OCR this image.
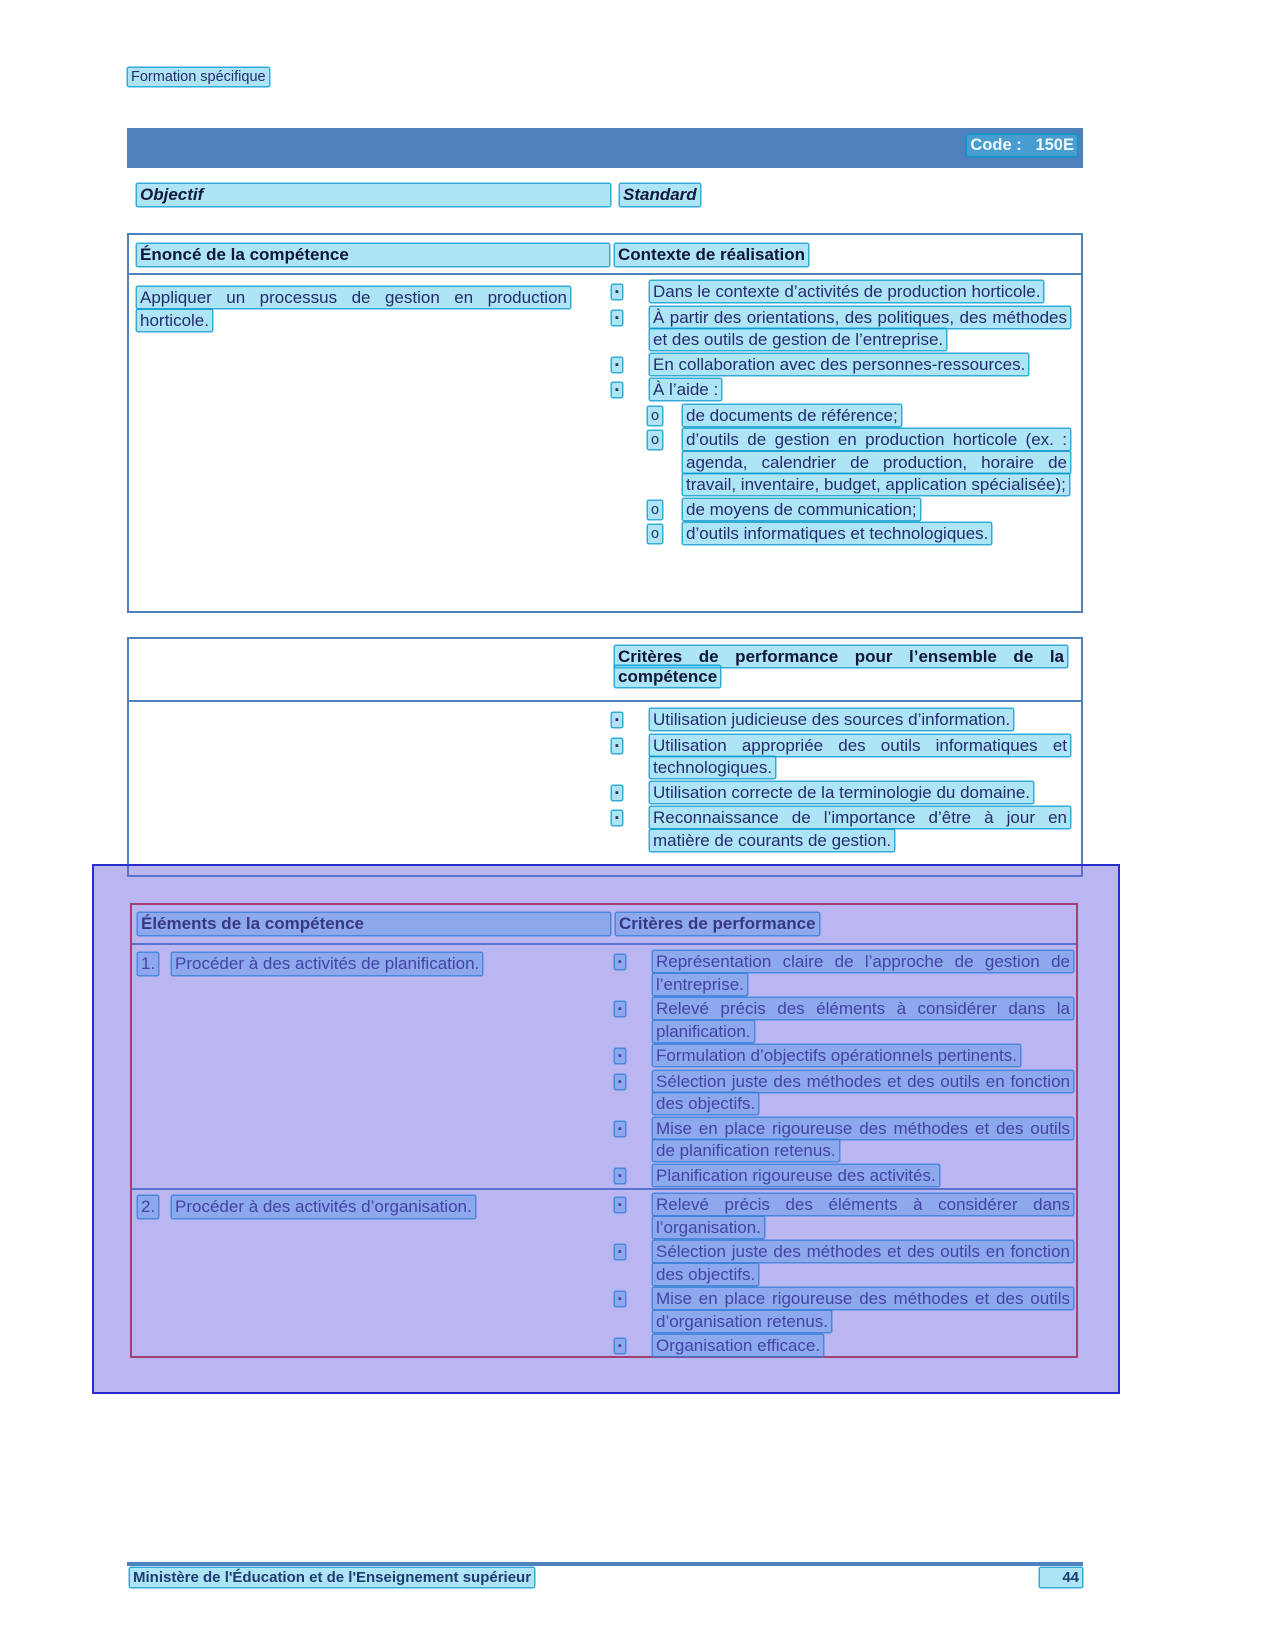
Formation spécifique
Code :   150E
Objectif	Standard
Énoncé de la compétence	Contexte de réalisation
Appliquer un processus de gestion en production horticole.
▪	Dans le contexte d’activités de production horticole.
▪	À partir des orientations, des politiques, des méthodes et des outils de gestion de l’entreprise.
▪	En collaboration avec des personnes-ressources.
▪	À l’aide :
o	de documents de référence;
o	d’outils de gestion en production horticole (ex. : agenda, calendrier de production, horaire de travail, inventaire, budget, application spécialisée);
o	de moyens de communication;
o	d’outils informatiques et technologiques.
Critères de performance pour l’ensemble de la compétence
▪	Utilisation judicieuse des sources d’information.
▪	Utilisation appropriée des outils informatiques et technologiques.
▪	Utilisation correcte de la terminologie du domaine.
▪	Reconnaissance de l’importance d’être à jour en matière de courants de gestion.
Éléments de la compétence	Critères de performance
1. Procéder à des activités de planification.	▪	Représentation claire de l’approche de gestion de l’entreprise.
▪	Relevé précis des éléments à considérer dans la planification.
▪	Formulation d’objectifs opérationnels pertinents.
▪	Sélection juste des méthodes et des outils en fonction des objectifs.
▪	Mise en place rigoureuse des méthodes et des outils de planification retenus.
▪	Planification rigoureuse des activités.
2. Procéder à des activités d’organisation.	▪	Relevé précis des éléments à considérer dans l’organisation.
▪	Sélection juste des méthodes et des outils en fonction des objectifs.
▪	Mise en place rigoureuse des méthodes et des outils d’organisation retenus.
▪	Organisation efficace.
Ministère de l'Éducation et de l'Enseignement supérieur	44
